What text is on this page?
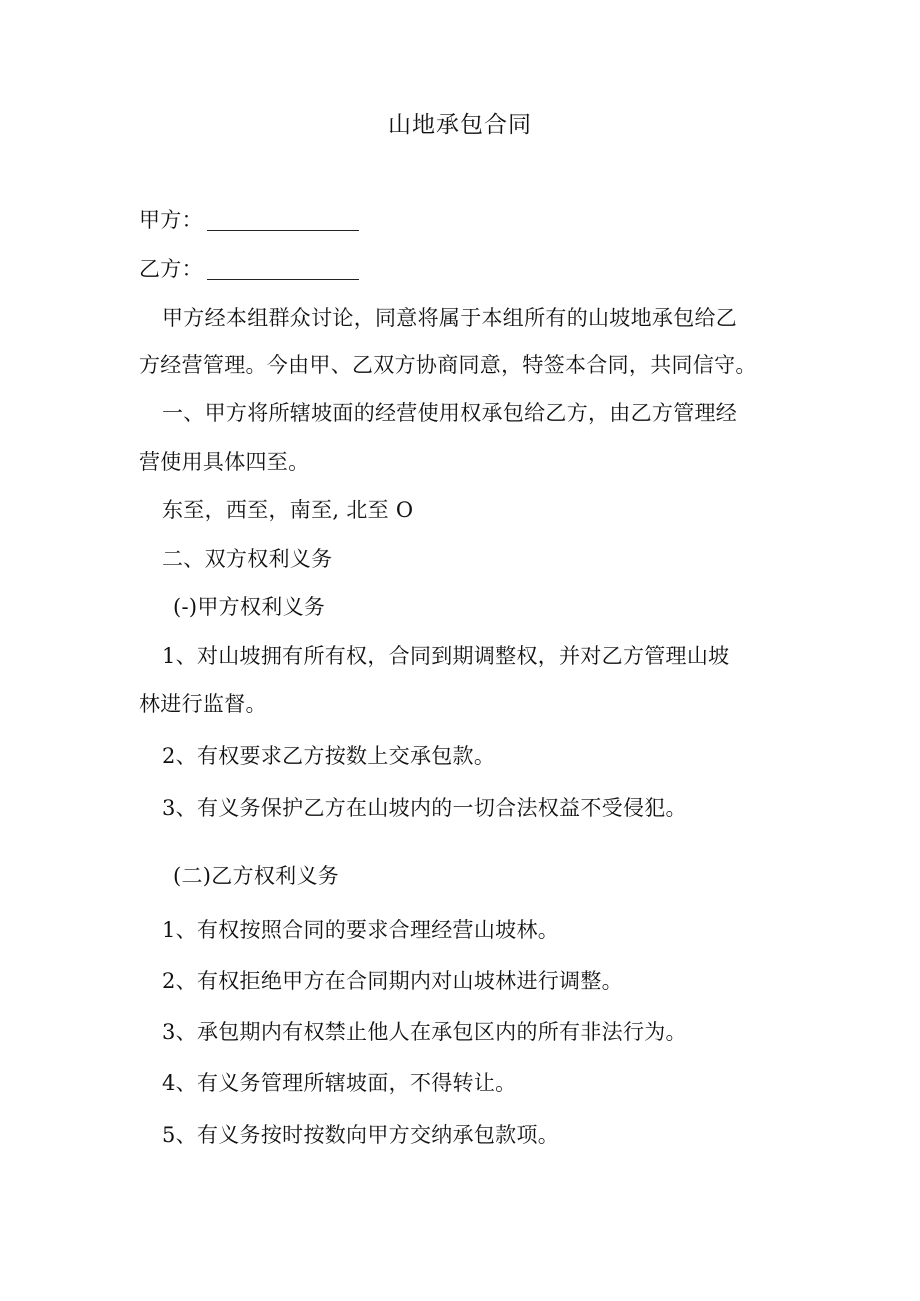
山地承包合同
甲方：
乙方：
甲方经本组群众讨论，同意将属于本组所有的山坡地承包给乙
方经营管理。今由甲、乙双方协商同意，特签本合同，共同信守。
一、甲方将所辖坡面的经营使用权承包给乙方，由乙方管理经
营使用具体四至。
东至，西至，南至, 北至 O
二、双方权利义务
(-)甲方权利义务
1、对山坡拥有所有权，合同到期调整权，并对乙方管理山坡
林进行监督。
2、有权要求乙方按数上交承包款。
3、有义务保护乙方在山坡内的一切合法权益不受侵犯。
(二)乙方权利义务
1、有权按照合同的要求合理经营山坡林。
2、有权拒绝甲方在合同期内对山坡林进行调整。
3、承包期内有权禁止他人在承包区内的所有非法行为。
4、有义务管理所辖坡面，不得转让。
5、有义务按时按数向甲方交纳承包款项。
